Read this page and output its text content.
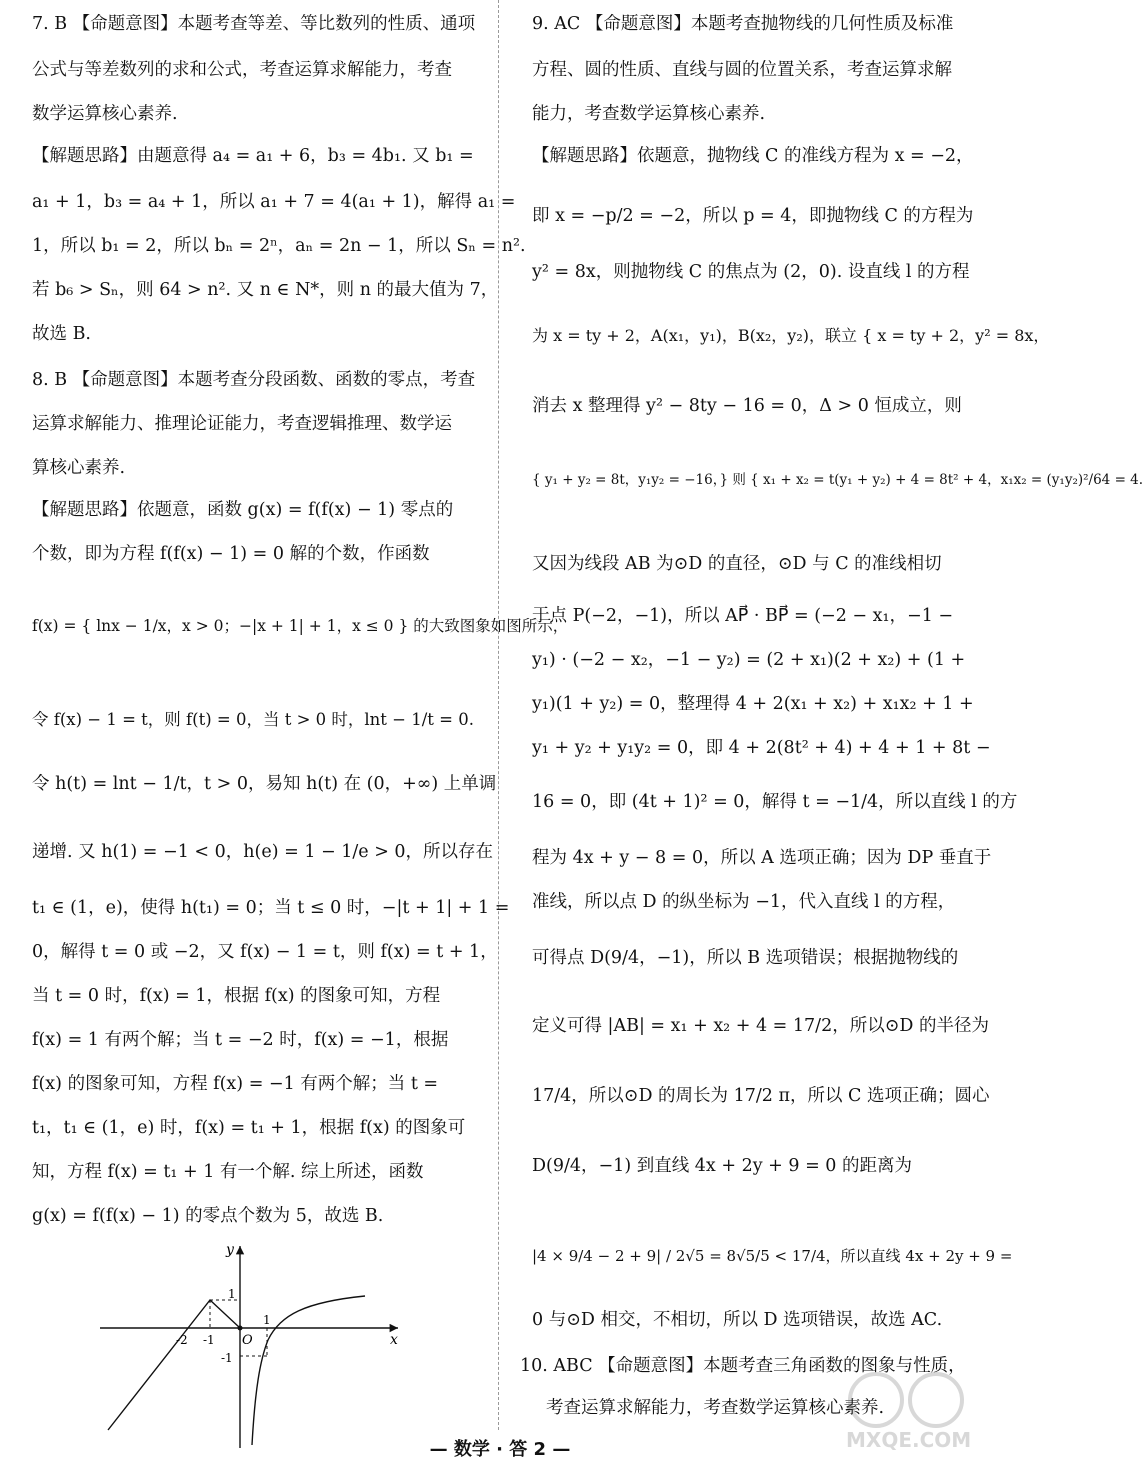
7. B 【命题意图】本题考查等差、等比数列的性质、通项
公式与等差数列的求和公式，考查运算求解能力，考查
数学运算核心素养.
【解题思路】由题意得 a₄ = a₁ + 6，b₃ = 4b₁. 又 b₁ =
a₁ + 1，b₃ = a₄ + 1，所以 a₁ + 7 = 4(a₁ + 1)，解得 a₁ =
1，所以 b₁ = 2，所以 bₙ = 2ⁿ，aₙ = 2n − 1，所以 Sₙ = n².
若 b₆ > Sₙ，则 64 > n². 又 n ∈ N*，则 n 的最大值为 7，
故选 B.
8. B 【命题意图】本题考查分段函数、函数的零点，考查
运算求解能力、推理论证能力，考查逻辑推理、数学运
算核心素养.
【解题思路】依题意，函数 g(x) = f(f(x) − 1) 零点的
个数，即为方程 f(f(x) − 1) = 0 解的个数，作函数
f(x) = { lnx − 1/x，x > 0；−|x + 1| + 1，x ≤ 0 } 的大致图象如图所示，
令 f(x) − 1 = t，则 f(t) = 0，当 t > 0 时，lnt − 1/t = 0.
令 h(t) = lnt − 1/t，t > 0，易知 h(t) 在 (0，+∞) 上单调
递增. 又 h(1) = −1 < 0，h(e) = 1 − 1/e > 0，所以存在
t₁ ∈ (1，e)，使得 h(t₁) = 0；当 t ≤ 0 时，−|t + 1| + 1 =
0，解得 t = 0 或 −2，又 f(x) − 1 = t，则 f(x) = t + 1，
当 t = 0 时，f(x) = 1，根据 f(x) 的图象可知，方程
f(x) = 1 有两个解；当 t = −2 时，f(x) = −1，根据
f(x) 的图象可知，方程 f(x) = −1 有两个解；当 t =
t₁，t₁ ∈ (1，e) 时，f(x) = t₁ + 1，根据 f(x) 的图象可
知，方程 f(x) = t₁ + 1 有一个解. 综上所述，函数
g(x) = f(f(x) − 1) 的零点个数为 5，故选 B.
y
x
O
1
-1
-2
1
-1
9. AC 【命题意图】本题考查抛物线的几何性质及标准
方程、圆的性质、直线与圆的位置关系，考查运算求解
能力，考查数学运算核心素养.
【解题思路】依题意，抛物线 C 的准线方程为 x = −2，
即 x = −p/2 = −2，所以 p = 4，即抛物线 C 的方程为
y² = 8x，则抛物线 C 的焦点为 (2，0). 设直线 l 的方程
为 x = ty + 2，A(x₁，y₁)，B(x₂，y₂)，联立 { x = ty + 2，y² = 8x，
消去 x 整理得 y² − 8ty − 16 = 0，Δ > 0 恒成立，则
{ y₁ + y₂ = 8t，y₁y₂ = −16，} 则 { x₁ + x₂ = t(y₁ + y₂) + 4 = 8t² + 4，x₁x₂ = (y₁y₂)²/64 = 4.
又因为线段 AB 为⊙D 的直径，⊙D 与 C 的准线相切
于点 P(−2，−1)，所以 AP⃗ · BP⃗ = (−2 − x₁，−1 −
y₁) · (−2 − x₂，−1 − y₂) = (2 + x₁)(2 + x₂) + (1 +
y₁)(1 + y₂) = 0，整理得 4 + 2(x₁ + x₂) + x₁x₂ + 1 +
y₁ + y₂ + y₁y₂ = 0，即 4 + 2(8t² + 4) + 4 + 1 + 8t −
16 = 0，即 (4t + 1)² = 0，解得 t = −1/4，所以直线 l 的方
程为 4x + y − 8 = 0，所以 A 选项正确；因为 DP 垂直于
准线，所以点 D 的纵坐标为 −1，代入直线 l 的方程，
可得点 D(9/4，−1)，所以 B 选项错误；根据抛物线的
定义可得 |AB| = x₁ + x₂ + 4 = 17/2，所以⊙D 的半径为
17/4，所以⊙D 的周长为 17/2 π，所以 C 选项正确；圆心
D(9/4，−1) 到直线 4x + 2y + 9 = 0 的距离为
|4 × 9/4 − 2 + 9| / 2√5 = 8√5/5 < 17/4，所以直线 4x + 2y + 9 =
0 与⊙D 相交，不相切，所以 D 选项错误，故选 AC.
10. ABC 【命题意图】本题考查三角函数的图象与性质，
考查运算求解能力，考查数学运算核心素养.
— 数学 · 答 2 —	MXQE.COM
